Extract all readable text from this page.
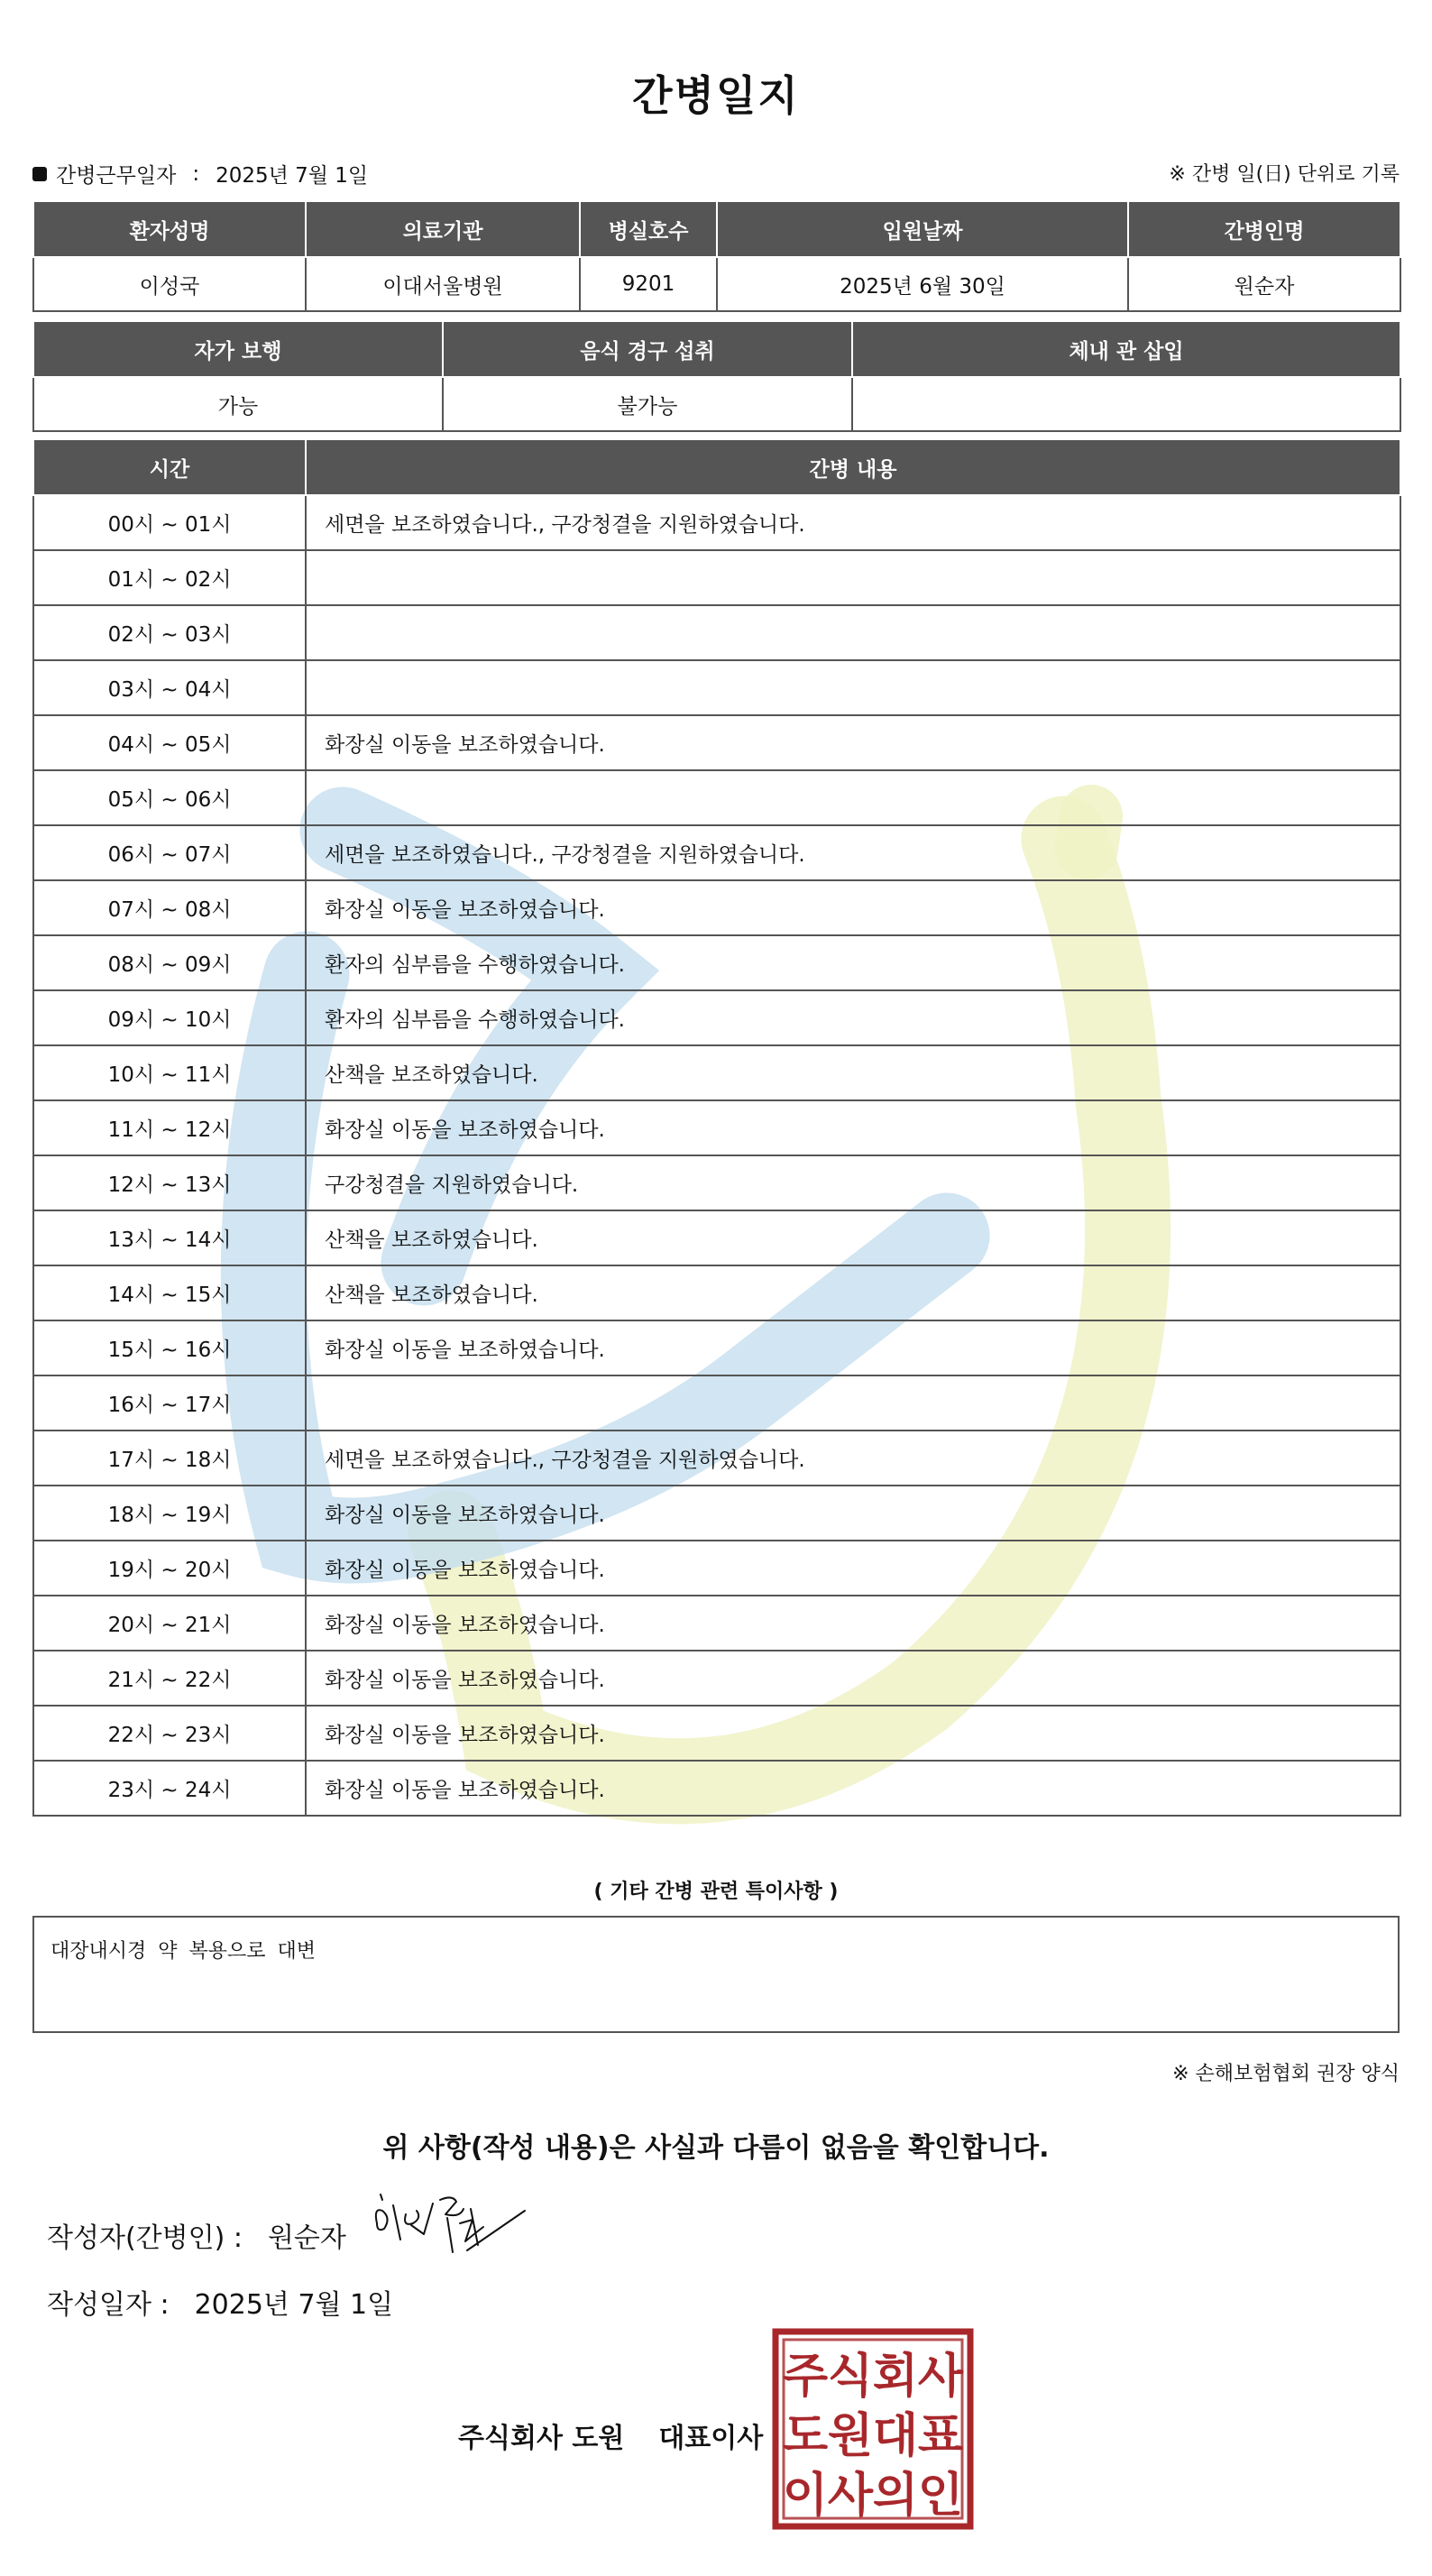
간병일지
간병근무일자 : 2025년 7월 1일	※ 간병 일(日) 단위로 기록
환자성명	의료기관	병실호수	입원날짜	간병인명
이성국	이대서울병원	9201	2025년 6월 30일	원순자
자가 보행	음식 경구 섭취	체내 관 삽입
가능	불가능	
시간	간병 내용
00시 ~ 01시	세면을 보조하였습니다., 구강청결을 지원하였습니다.
01시 ~ 02시	
02시 ~ 03시	
03시 ~ 04시	
04시 ~ 05시	화장실 이동을 보조하였습니다.
05시 ~ 06시	
06시 ~ 07시	세면을 보조하였습니다., 구강청결을 지원하였습니다.
07시 ~ 08시	화장실 이동을 보조하였습니다.
08시 ~ 09시	환자의 심부름을 수행하였습니다.
09시 ~ 10시	환자의 심부름을 수행하였습니다.
10시 ~ 11시	산책을 보조하였습니다.
11시 ~ 12시	화장실 이동을 보조하였습니다.
12시 ~ 13시	구강청결을 지원하였습니다.
13시 ~ 14시	산책을 보조하였습니다.
14시 ~ 15시	산책을 보조하였습니다.
15시 ~ 16시	화장실 이동을 보조하였습니다.
16시 ~ 17시	
17시 ~ 18시	세면을 보조하였습니다., 구강청결을 지원하였습니다.
18시 ~ 19시	화장실 이동을 보조하였습니다.
19시 ~ 20시	화장실 이동을 보조하였습니다.
20시 ~ 21시	화장실 이동을 보조하였습니다.
21시 ~ 22시	화장실 이동을 보조하였습니다.
22시 ~ 23시	화장실 이동을 보조하였습니다.
23시 ~ 24시	화장실 이동을 보조하였습니다.
( 기타 간병 관련 특이사항 )
대장내시경 약 복용으로 대변
※ 손해보험협회 권장 양식
위 사항(작성 내용)은 사실과 다름이 없음을 확인합니다.
작성자(간병인) : 원순자
작성일자 : 2025년 7월 1일
주식회사 도원 대표이사
주 식 회 사
도 원 대 표
이 사 의 인
